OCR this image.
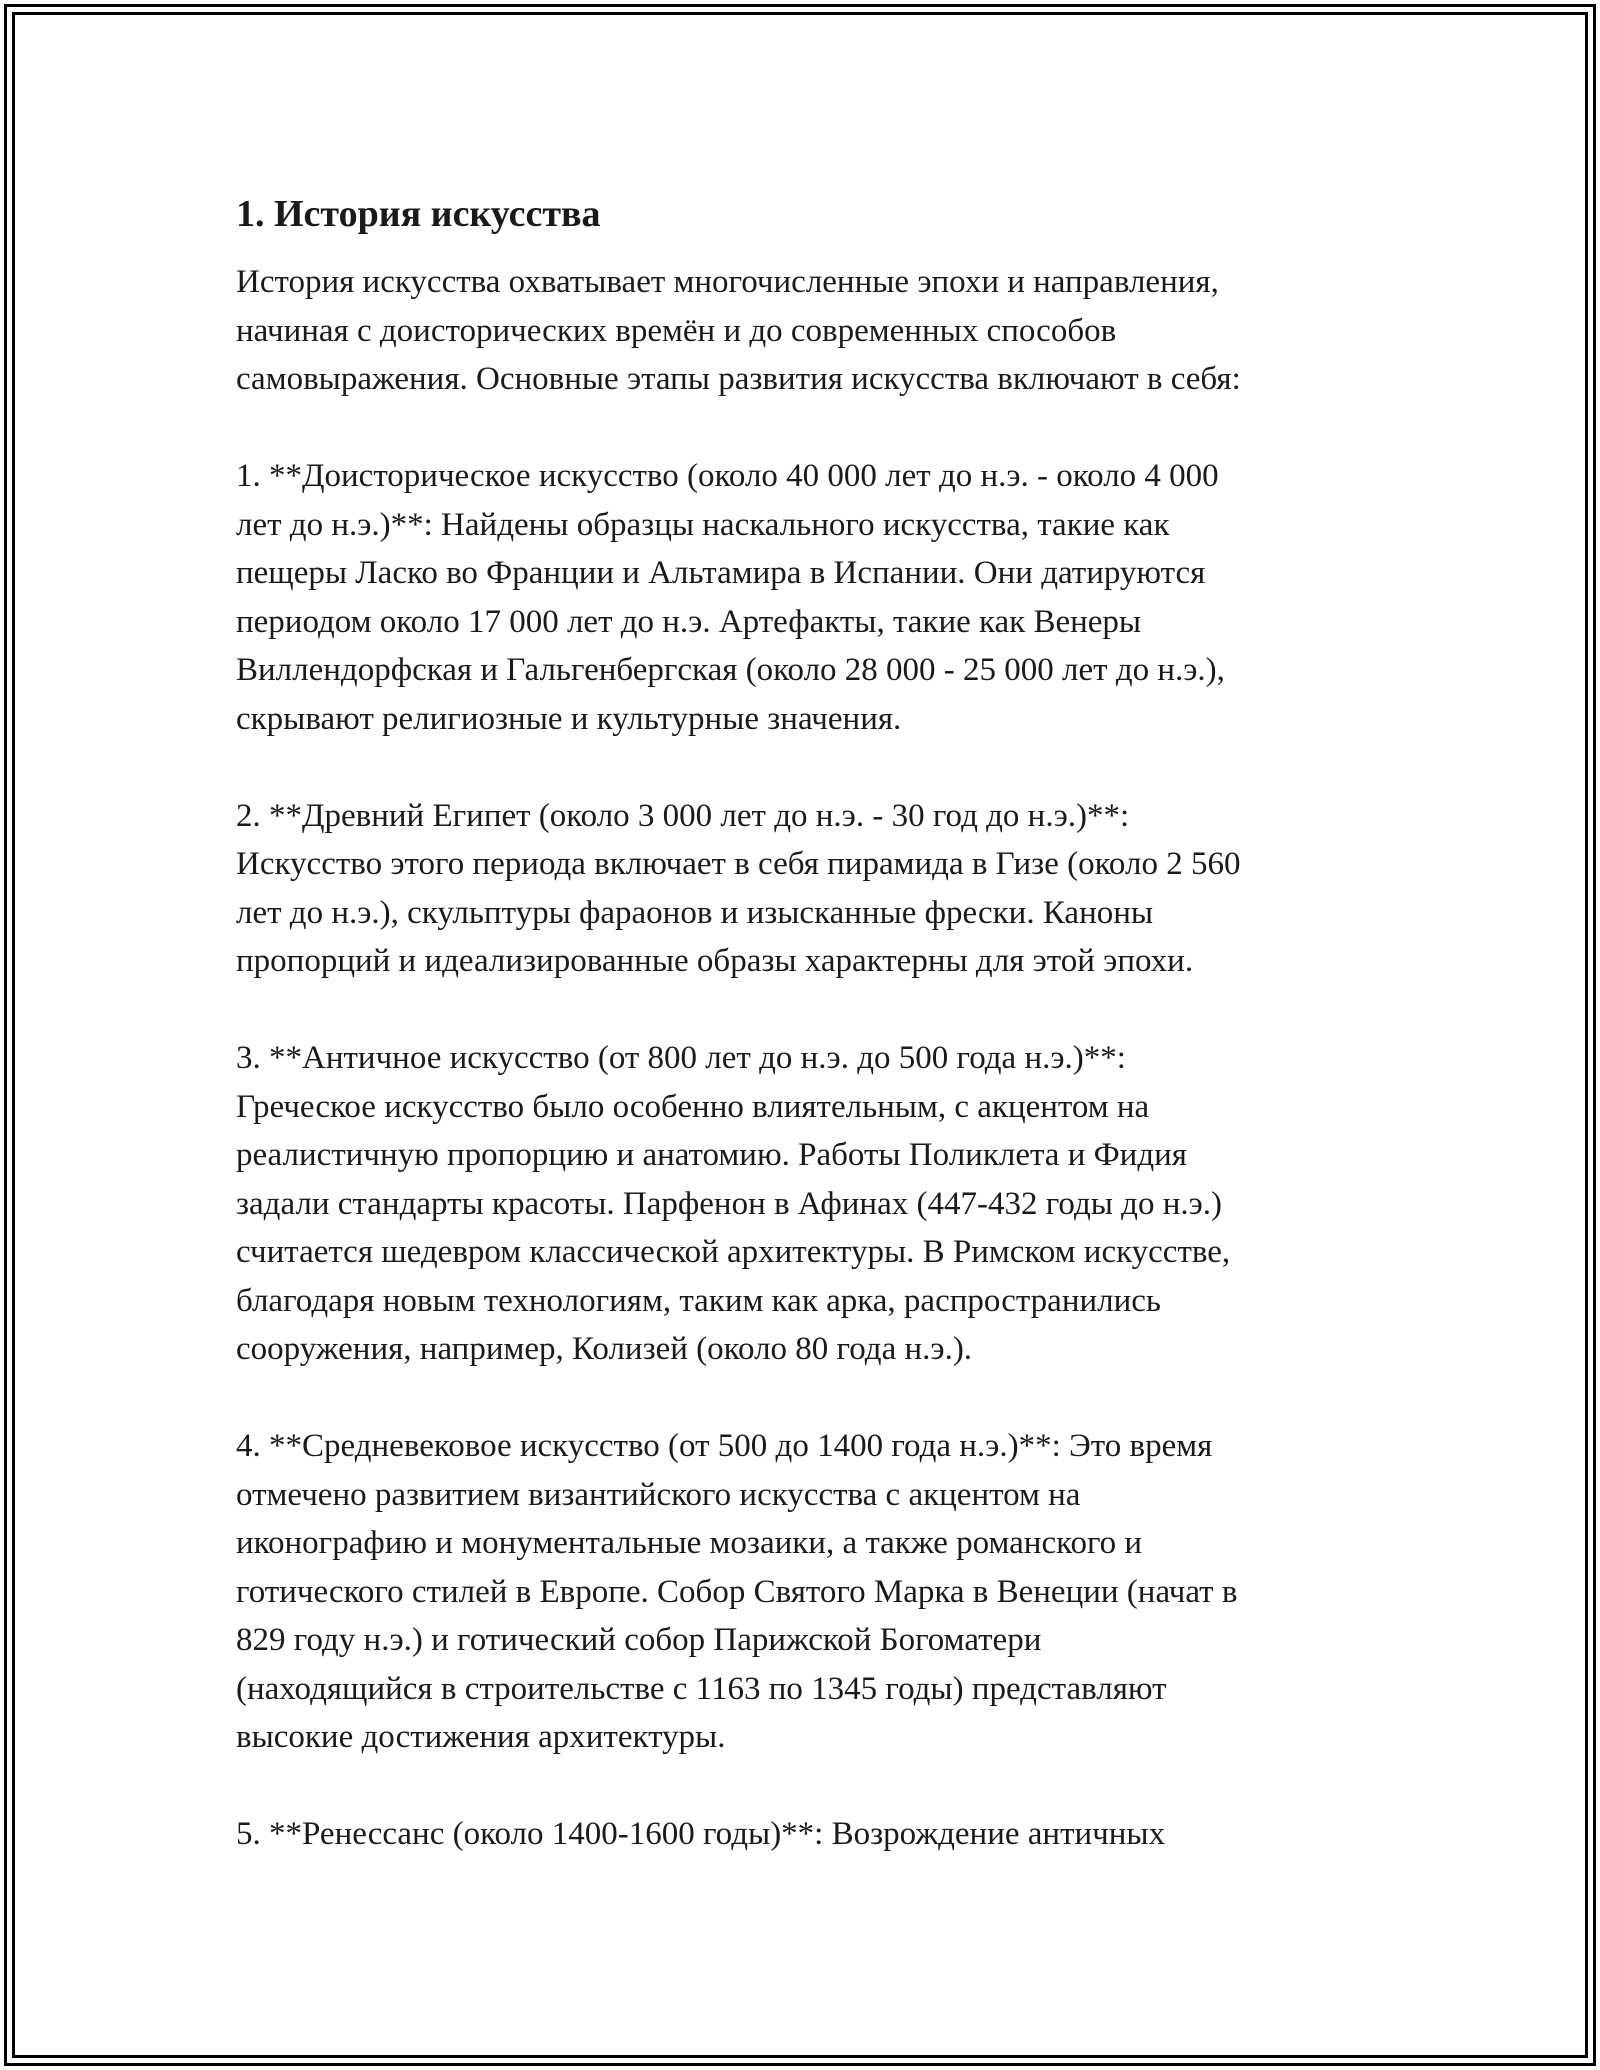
1. История искусства
История искусства охватывает многочисленные эпохи и направления,
начиная с доисторических времён и до современных способов
самовыражения. Основные этапы развития искусства включают в себя:
1. **Доисторическое искусство (около 40 000 лет до н.э. - около 4 000
лет до н.э.)**: Найдены образцы наскального искусства, такие как
пещеры Ласко во Франции и Альтамира в Испании. Они датируются
периодом около 17 000 лет до н.э. Артефакты, такие как Венеры
Виллендорфская и Гальгенбергская (около 28 000 - 25 000 лет до н.э.),
скрывают религиозные и культурные значения.
2. **Древний Египет (около 3 000 лет до н.э. - 30 год до н.э.)**:
Искусство этого периода включает в себя пирамида в Гизе (около 2 560
лет до н.э.), скульптуры фараонов и изысканные фрески. Каноны
пропорций и идеализированные образы характерны для этой эпохи.
3. **Античное искусство (от 800 лет до н.э. до 500 года н.э.)**:
Греческое искусство было особенно влиятельным, с акцентом на
реалистичную пропорцию и анатомию. Работы Поликлета и Фидия
задали стандарты красоты. Парфенон в Афинах (447-432 годы до н.э.)
считается шедевром классической архитектуры. В Римском искусстве,
благодаря новым технологиям, таким как арка, распространились
сооружения, например, Колизей (около 80 года н.э.).
4. **Средневековое искусство (от 500 до 1400 года н.э.)**: Это время
отмечено развитием византийского искусства с акцентом на
иконографию и монументальные мозаики, а также романского и
готического стилей в Европе. Собор Святого Марка в Венеции (начат в
829 году н.э.) и готический собор Парижской Богоматери
(находящийся в строительстве с 1163 по 1345 годы) представляют
высокие достижения архитектуры.
5. **Ренессанс (около 1400-1600 годы)**: Возрождение античных
